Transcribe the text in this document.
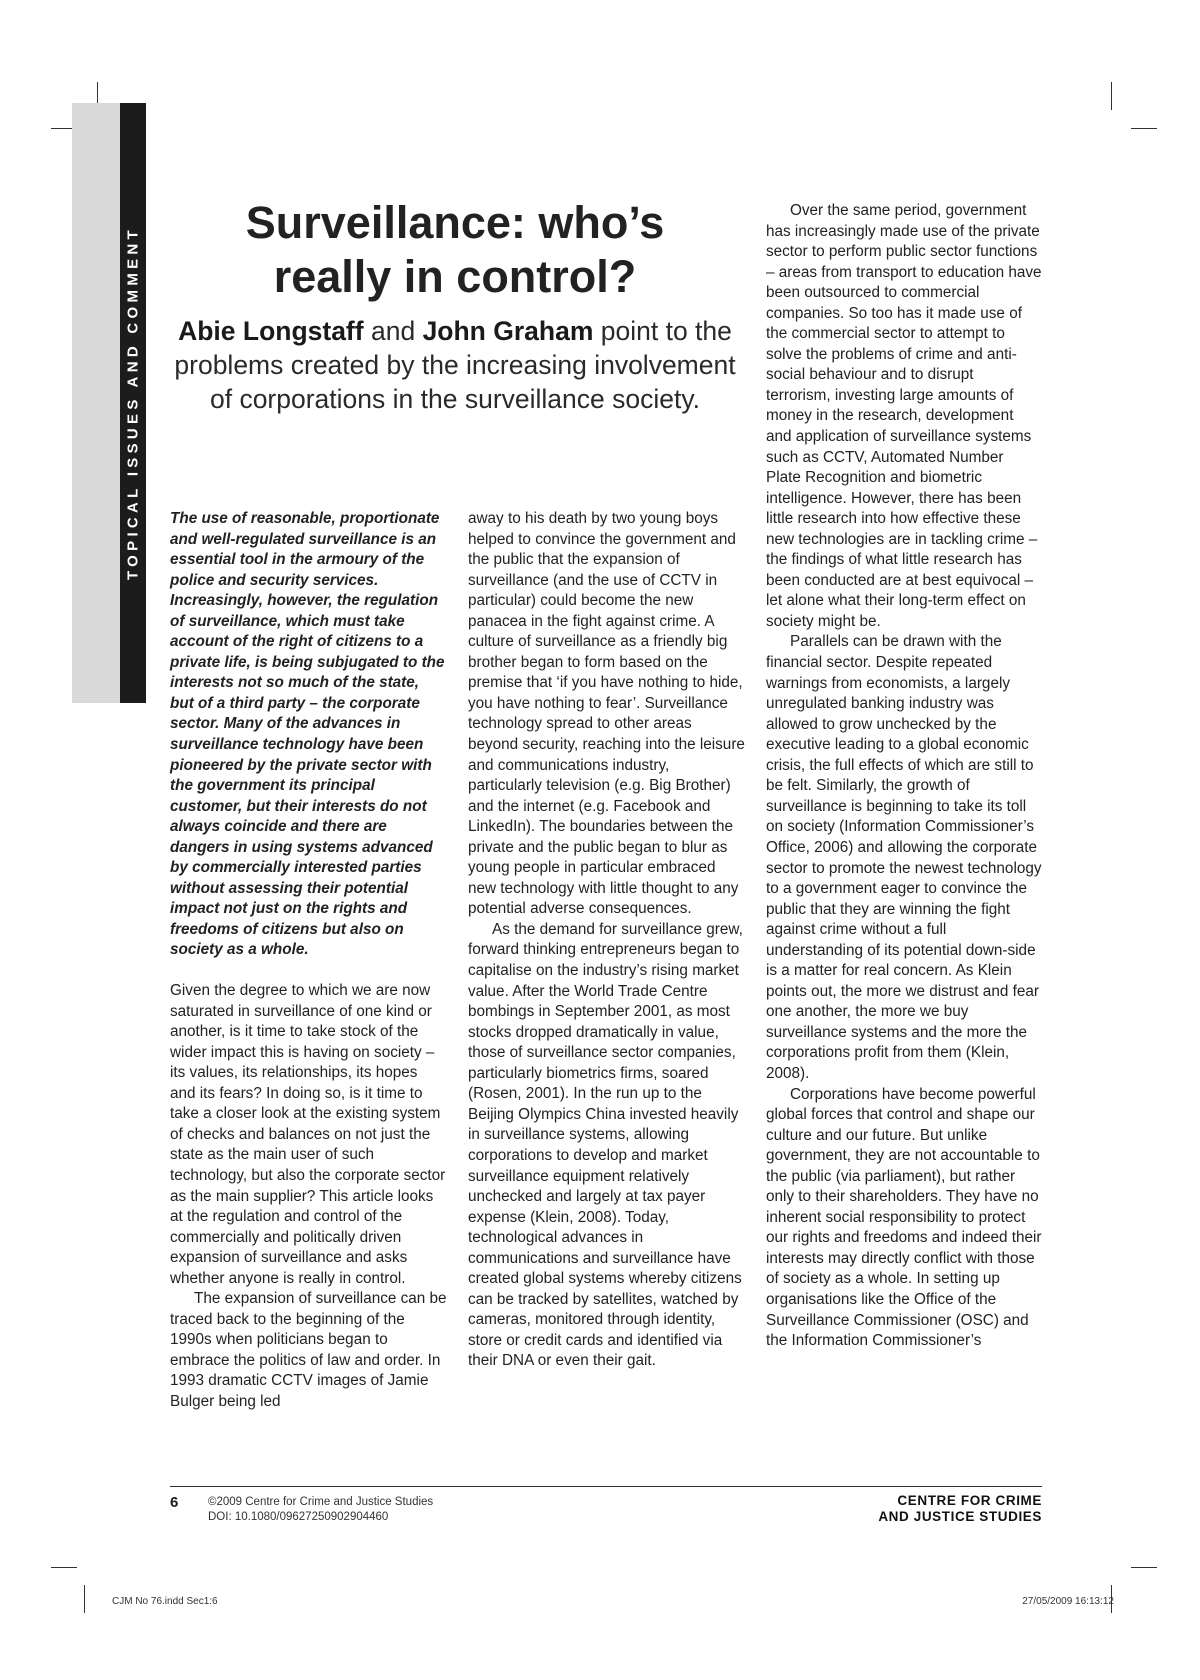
TOPICAL ISSUES AND COMMENT
Surveillance: who’s
really in control?

Abie Longstaff and John Graham point to the problems created by the increasing involvement of corporations in the surveillance society.

The use of reasonable, proportionate and well-regulated surveillance is an essential tool in the armoury of the police and security services. Increasingly, however, the regulation of surveillance, which must take account of the right of citizens to a private life, is being subjugated to the interests not so much of the state, but of a third party – the corporate sector. Many of the advances in surveillance technology have been pioneered by the private sector with the government its principal customer, but their interests do not always coincide and there are dangers in using systems advanced by commercially interested parties without assessing their potential impact not just on the rights and freedoms of citizens but also on society as a whole.

Given the degree to which we are now saturated in surveillance of one kind or another, is it time to take stock of the wider impact this is having on society – its values, its relationships, its hopes and its fears? In doing so, is it time to take a closer look at the existing system of checks and balances on not just the state as the main user of such technology, but also the corporate sector as the main supplier? This article looks at the regulation and control of the commercially and politically driven expansion of surveillance and asks whether anyone is really in control.

The expansion of surveillance can be traced back to the beginning of the 1990s when politicians began to embrace the politics of law and order. In 1993 dramatic CCTV images of Jamie Bulger being led

away to his death by two young boys helped to convince the government and the public that the expansion of surveillance (and the use of CCTV in particular) could become the new panacea in the fight against crime. A culture of surveillance as a friendly big brother began to form based on the premise that ‘if you have nothing to hide, you have nothing to fear’. Surveillance technology spread to other areas beyond security, reaching into the leisure and communications industry, particularly television (e.g. Big Brother) and the internet (e.g. Facebook and LinkedIn). The boundaries between the private and the public began to blur as young people in particular embraced new technology with little thought to any potential adverse consequences.

As the demand for surveillance grew, forward thinking entrepreneurs began to capitalise on the industry’s rising market value. After the World Trade Centre bombings in September 2001, as most stocks dropped dramatically in value, those of surveillance sector companies, particularly biometrics firms, soared (Rosen, 2001). In the run up to the Beijing Olympics China invested heavily in surveillance systems, allowing corporations to develop and market surveillance equipment relatively unchecked and largely at tax payer expense (Klein, 2008). Today, technological advances in communications and surveillance have created global systems whereby citizens can be tracked by satellites, watched by cameras, monitored through identity, store or credit cards and identified via their DNA or even their gait.

Over the same period, government has increasingly made use of the private sector to perform public sector functions – areas from transport to education have been outsourced to commercial companies. So too has it made use of the commercial sector to attempt to solve the problems of crime and anti-social behaviour and to disrupt terrorism, investing large amounts of money in the research, development and application of surveillance systems such as CCTV, Automated Number Plate Recognition and biometric intelligence. However, there has been little research into how effective these new technologies are in tackling crime – the findings of what little research has been conducted are at best equivocal – let alone what their long-term effect on society might be.

Parallels can be drawn with the financial sector. Despite repeated warnings from economists, a largely unregulated banking industry was allowed to grow unchecked by the executive leading to a global economic crisis, the full effects of which are still to be felt. Similarly, the growth of surveillance is beginning to take its toll on society (Information Commissioner’s Office, 2006) and allowing the corporate sector to promote the newest technology to a government eager to convince the public that they are winning the fight against crime without a full understanding of its potential down-side is a matter for real concern. As Klein points out, the more we distrust and fear one another, the more we buy surveillance systems and the more the corporations profit from them (Klein, 2008).

Corporations have become powerful global forces that control and shape our culture and our future. But unlike government, they are not accountable to the public (via parliament), but rather only to their shareholders. They have no inherent social responsibility to protect our rights and freedoms and indeed their interests may directly conflict with those of society as a whole. In setting up organisations like the Office of the Surveillance Commissioner (OSC) and the Information Commissioner’s

6	©2009 Centre for Crime and Justice Studies
DOI: 10.1080/09627250902904460
CENTRE FOR CRIME
AND JUSTICE STUDIES
CJM No 76.indd Sec1:6	27/05/2009 16:13:12
